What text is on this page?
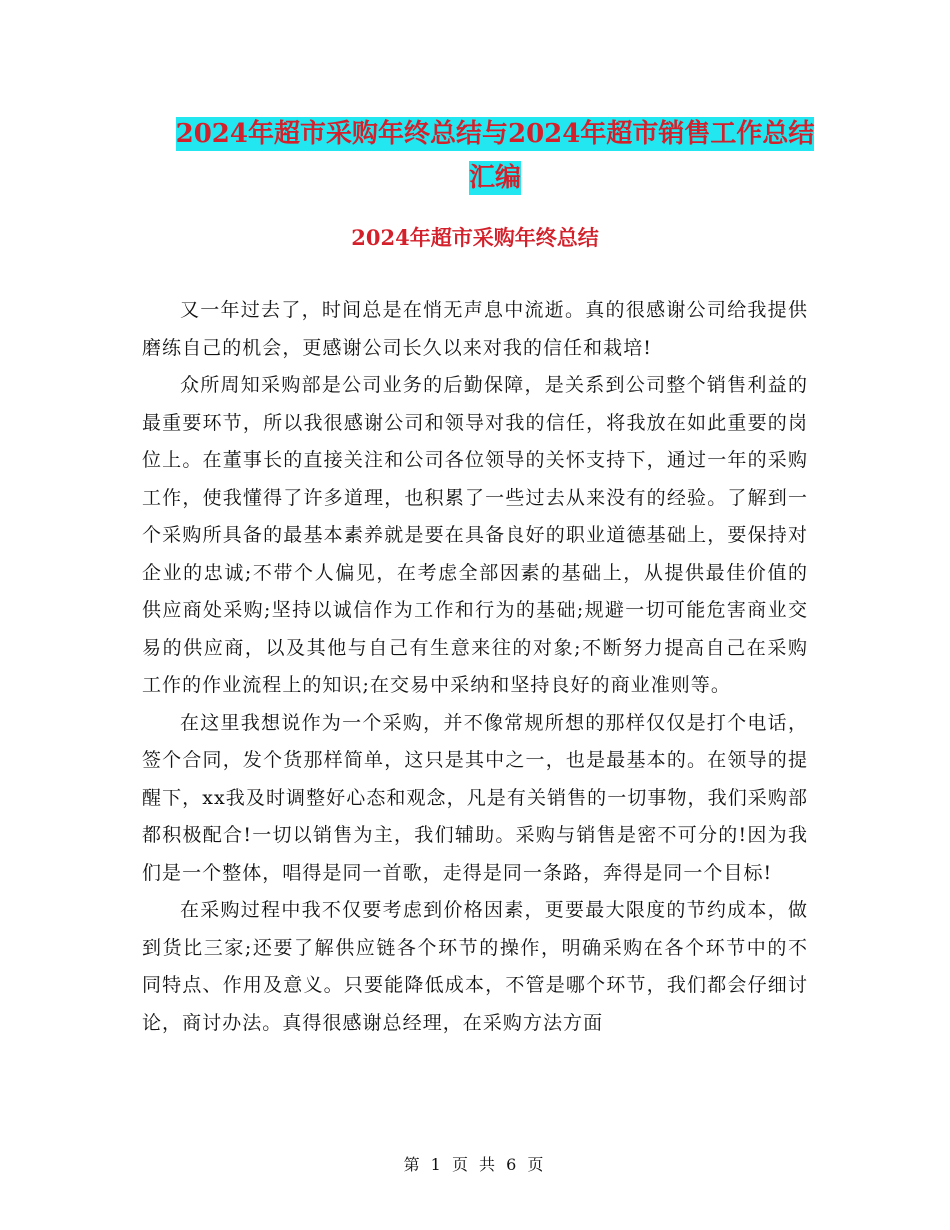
2024年超市采购年终总结与2024年超市销售工作总结
汇编
2024年超市采购年终总结

又一年过去了，时间总是在悄无声息中流逝。真的很感谢公司给我提供磨练自己的机会，更感谢公司长久以来对我的信任和栽培!

众所周知采购部是公司业务的后勤保障，是关系到公司整个销售利益的最重要环节，所以我很感谢公司和领导对我的信任，将我放在如此重要的岗位上。在董事长的直接关注和公司各位领导的关怀支持下，通过一年的采购工作，使我懂得了许多道理，也积累了一些过去从来没有的经验。了解到一个采购所具备的最基本素养就是要在具备良好的职业道德基础上，要保持对企业的忠诚;不带个人偏见，在考虑全部因素的基础上，从提供最佳价值的供应商处采购;坚持以诚信作为工作和行为的基础;规避一切可能危害商业交易的供应商，以及其他与自己有生意来往的对象;不断努力提高自己在采购工作的作业流程上的知识;在交易中采纳和坚持良好的商业准则等。

在这里我想说作为一个采购，并不像常规所想的那样仅仅是打个电话，签个合同，发个货那样简单，这只是其中之一，也是最基本的。在领导的提醒下，xx我及时调整好心态和观念，凡是有关销售的一切事物，我们采购部都积极配合!一切以销售为主，我们辅助。采购与销售是密不可分的!因为我们是一个整体，唱得是同一首歌，走得是同一条路，奔得是同一个目标!

在采购过程中我不仅要考虑到价格因素，更要最大限度的节约成本，做到货比三家;还要了解供应链各个环节的操作，明确采购在各个环节中的不同特点、作用及意义。只要能降低成本，不管是哪个环节，我们都会仔细讨论，商讨办法。真得很感谢总经理，在采购方法方面

第 1 页 共 6 页
